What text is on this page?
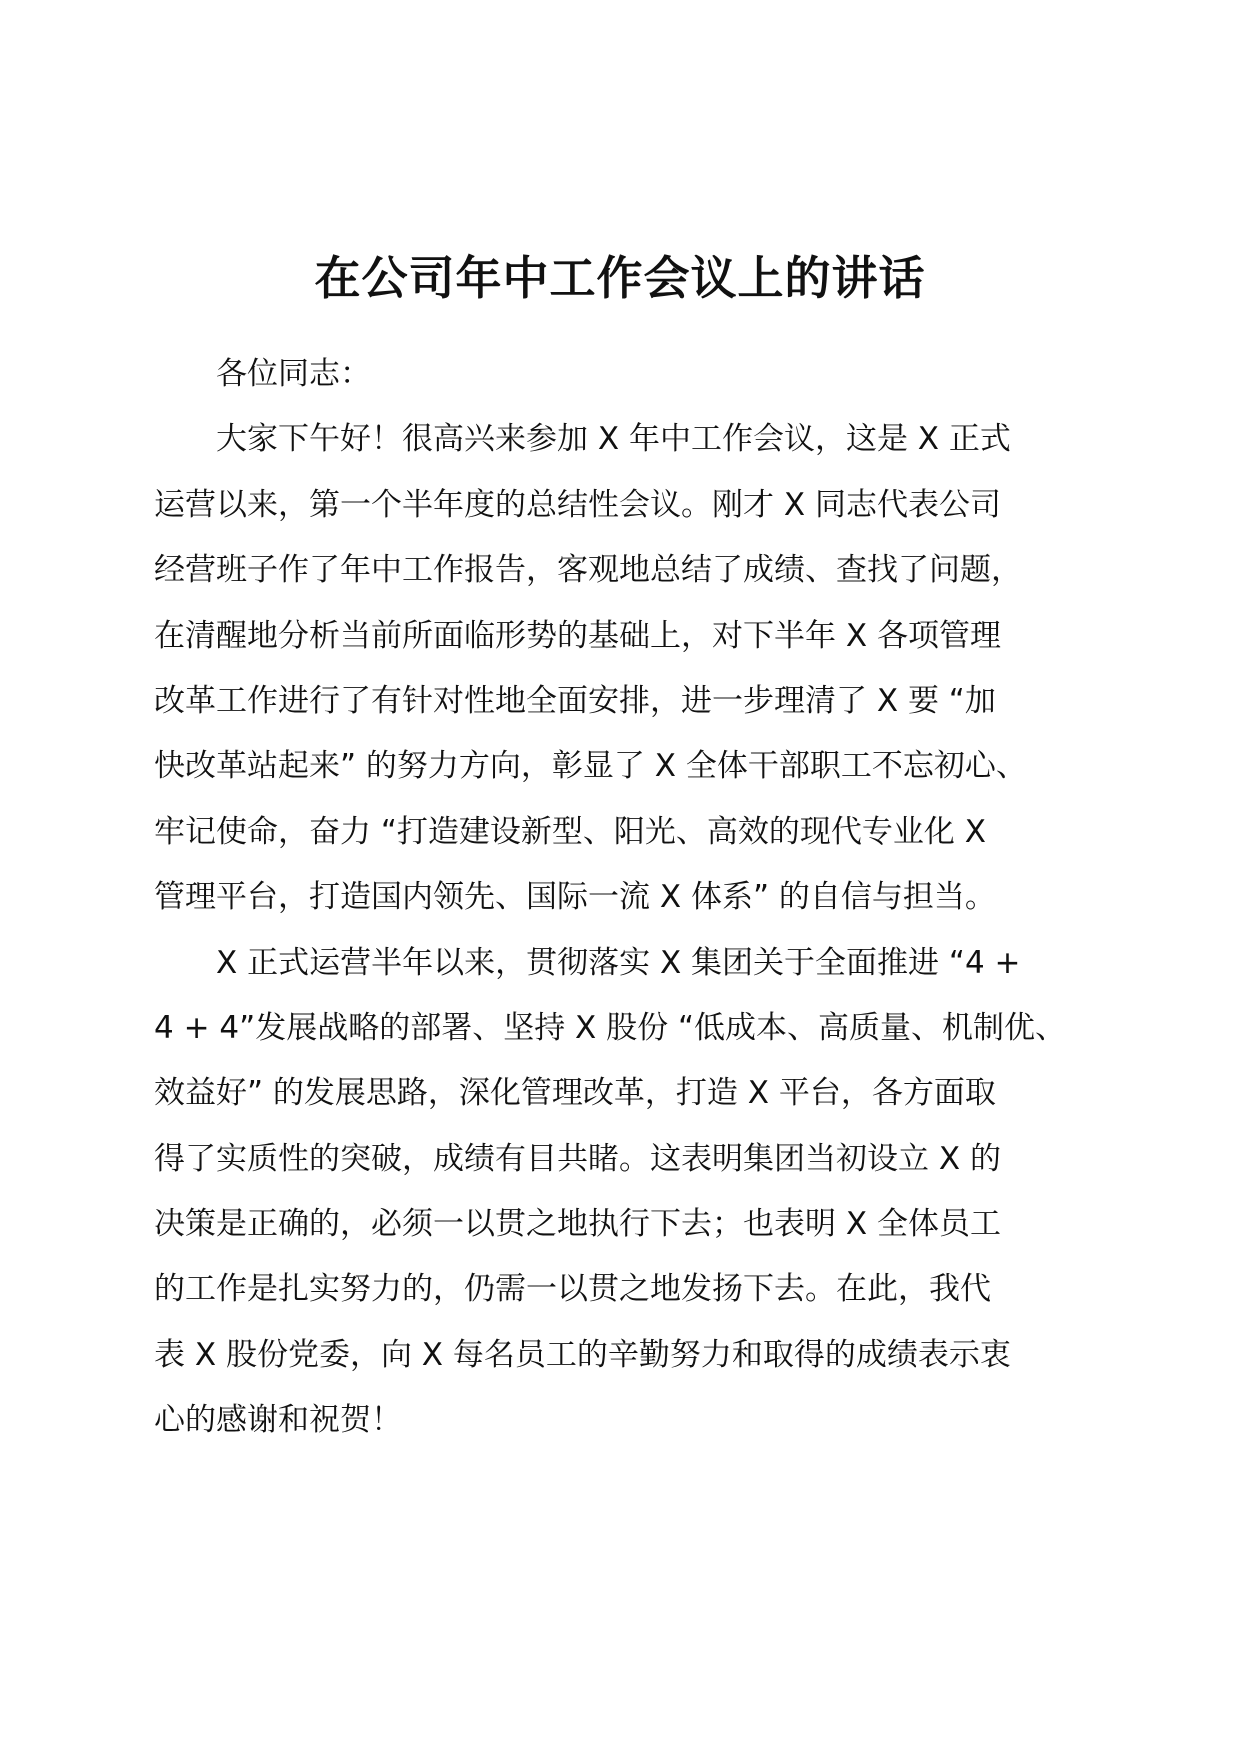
在公司年中工作会议上的讲话
　　各位同志：
　　大家下午好！很高兴来参加 X 年中工作会议，这是 X 正式
运营以来，第一个半年度的总结性会议。刚才 X 同志代表公司
经营班子作了年中工作报告，客观地总结了成绩、查找了问题，
在清醒地分析当前所面临形势的基础上，对下半年 X 各项管理
改革工作进行了有针对性地全面安排，进一步理清了 X 要 “加
快改革站起来” 的努力方向，彰显了 X 全体干部职工不忘初心、
牢记使命，奋力 “打造建设新型、阳光、高效的现代专业化 X
管理平台，打造国内领先、国际一流 X 体系” 的自信与担当。
　　X 正式运营半年以来，贯彻落实 X 集团关于全面推进 “4 +
4 + 4”发展战略的部署、坚持 X 股份 “低成本、高质量、机制优、
效益好” 的发展思路，深化管理改革，打造 X 平台，各方面取
得了实质性的突破，成绩有目共睹。这表明集团当初设立 X 的
决策是正确的，必须一以贯之地执行下去；也表明 X 全体员工
的工作是扎实努力的，仍需一以贯之地发扬下去。在此，我代
表 X 股份党委，向 X 每名员工的辛勤努力和取得的成绩表示衷
心的感谢和祝贺！
